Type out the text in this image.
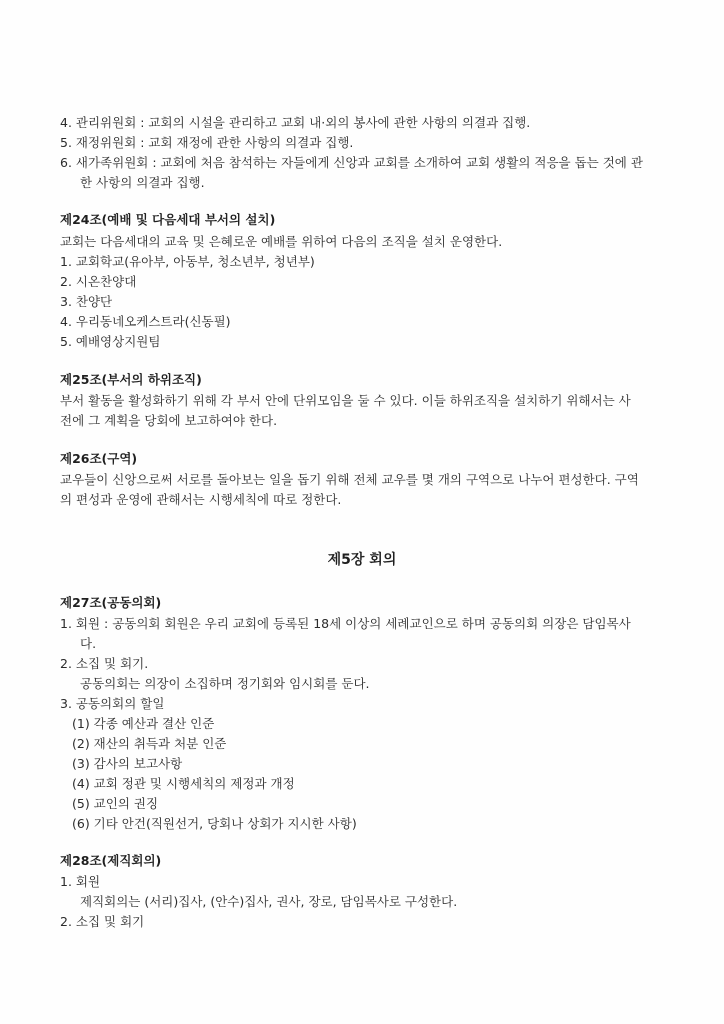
4. 관리위원회 : 교회의 시설을 관리하고 교회 내·외의 봉사에 관한 사항의 의결과 집행.
5. 재정위원회 : 교회 재정에 관한 사항의 의결과 집행.
6. 새가족위원회 : 교회에 처음 참석하는 자들에게 신앙과 교회를 소개하여 교회 생활의 적응을 돕는 것에 관
한 사항의 의결과 집행.
제24조(예배 및 다음세대 부서의 설치)
교회는 다음세대의 교육 및 은혜로운 예배를 위하여 다음의 조직을 설치 운영한다.
1. 교회학교(유아부, 아동부, 청소년부, 청년부)
2. 시온찬양대
3. 찬양단
4. 우리동네오케스트라(신동필)
5. 예배영상지원팀
제25조(부서의 하위조직)
부서 활동을 활성화하기 위해 각 부서 안에 단위모임을 둘 수 있다. 이들 하위조직을 설치하기 위해서는 사
전에 그 계획을 당회에 보고하여야 한다.
제26조(구역)
교우들이 신앙으로써 서로를 돌아보는 일을 돕기 위해 전체 교우를 몇 개의 구역으로 나누어 편성한다. 구역
의 편성과 운영에 관해서는 시행세칙에 따로 정한다.
제5장 회의
제27조(공동의회)
1. 회원 : 공동의회 회원은 우리 교회에 등록된 18세 이상의 세례교인으로 하며 공동의회 의장은 담임목사
다.
2. 소집 및 회기.
공동의회는 의장이 소집하며 정기회와 임시회를 둔다.
3. 공동의회의 할일
(1) 각종 예산과 결산 인준
(2) 재산의 취득과 처분 인준
(3) 감사의 보고사항
(4) 교회 정관 및 시행세칙의 제정과 개정
(5) 교인의 권징
(6) 기타 안건(직원선거, 당회나 상회가 지시한 사항)
제28조(제직회의)
1. 회원
제직회의는 (서리)집사, (안수)집사, 권사, 장로, 담임목사로 구성한다.
2. 소집 및 회기
